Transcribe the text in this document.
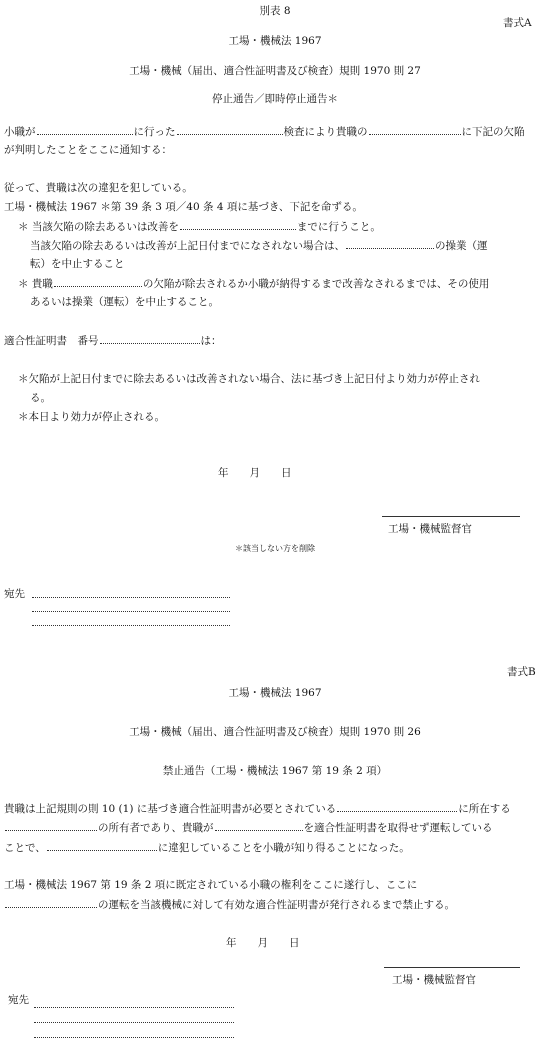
別表 8
書式A
工場・機械法 1967
工場・機械（届出、適合性証明書及び検査）規則 1970 則 27
停止通告／即時停止通告＊
小職が	に行った	検査により貴職の	に下記の欠陥
が判明したことをここに通知する：
従って、貴職は次の違犯を犯している。
工場・機械法 1967 ＊第 39 条 3 項／40 条 4 項に基づき、下記を命ずる。
＊ 当該欠陥の除去あるいは改善を	までに行うこと。
当該欠陥の除去あるいは改善が上記日付までになされない場合は、	の操業（運
転）を中止すること
＊ 貴職	の欠陥が除去されるか小職が納得するまで改善なされるまでは、その使用
あるいは操業（運転）を中止すること。
適合性証明書　番号	は：
＊欠陥が上記日付までに除去あるいは改善されない場合、法に基づき上記日付より効力が停止され
る。
＊本日より効力が停止される。
年　　月　　日
工場・機械監督官
＊該当しない方を削除
宛先
書式B
工場・機械法 1967
工場・機械（届出、適合性証明書及び検査）規則 1970 則 26
禁止通告（工場・機械法 1967 第 19 条 2 項）
貴職は上記規則の則 10 (1) に基づき適合性証明書が必要とされている	に所在する
の所有者であり、貴職が	を適合性証明書を取得せず運転している
ことで、	に違犯していることを小職が知り得ることになった。
工場・機械法 1967 第 19 条 2 項に既定されている小職の権利をここに遂行し、ここに
の運転を当該機械に対して有効な適合性証明書が発行されるまで禁止する。
年　　月　　日
工場・機械監督官
宛先
